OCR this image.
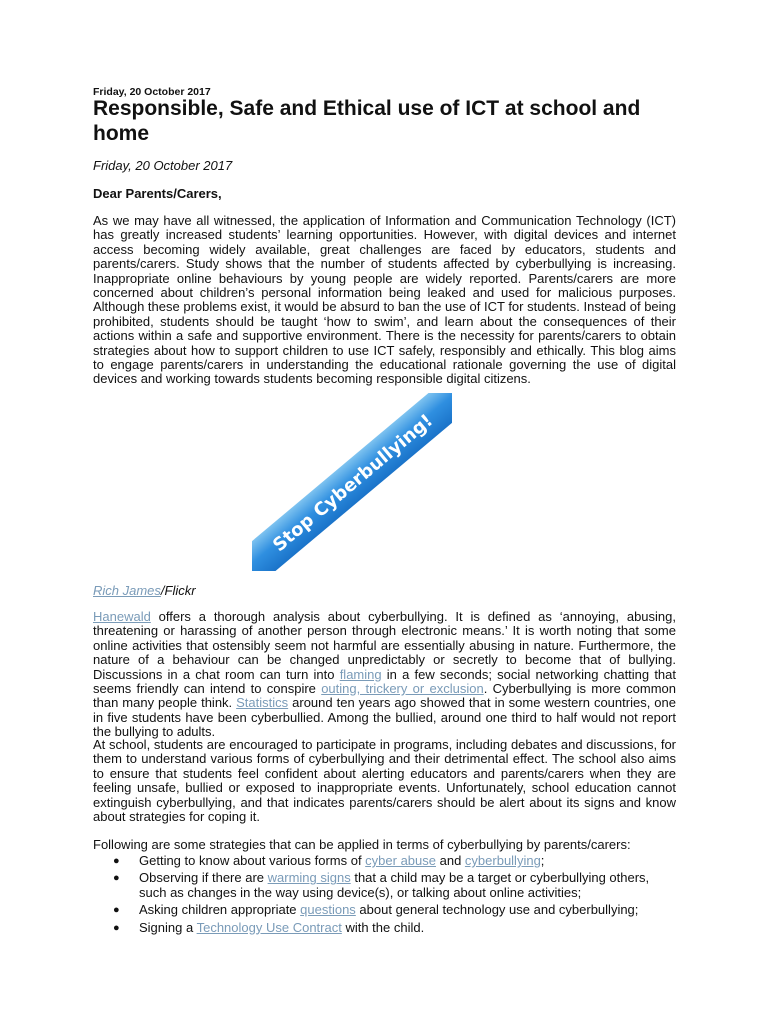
Friday, 20 October 2017

Responsible, Safe and Ethical use of ICT at school and home

Friday, 20 October 2017

Dear Parents/Carers,

As we may have all witnessed, the application of Information and Communication Technology (ICT) has greatly increased students’ learning opportunities. However, with digital devices and internet access becoming widely available, great challenges are faced by educators, students and parents/carers. Study shows that the number of students affected by cyberbullying is increasing. Inappropriate online behaviours by young people are widely reported. Parents/carers are more concerned about children’s personal information being leaked and used for malicious purposes. Although these problems exist, it would be absurd to ban the use of ICT for students. Instead of being prohibited, students should be taught ‘how to swim’, and learn about the consequences of their actions within a safe and supportive environment. There is the necessity for parents/carers to obtain strategies about how to support children to use ICT safely, responsibly and ethically. This blog aims to engage parents/carers in understanding the educational rationale governing the use of digital devices and working towards students becoming responsible digital citizens.

Stop Cyberbullying!

Rich James/Flickr

Hanewald offers a thorough analysis about cyberbullying. It is defined as ‘annoying, abusing, threatening or harassing of another person through electronic means.’ It is worth noting that some online activities that ostensibly seem not harmful are essentially abusing in nature. Furthermore, the nature of a behaviour can be changed unpredictably or secretly to become that of bullying. Discussions in a chat room can turn into flaming in a few seconds; social networking chatting that seems friendly can intend to conspire outing, trickery or exclusion. Cyberbullying is more common than many people think. Statistics around ten years ago showed that in some western countries, one in five students have been cyberbullied. Among the bullied, around one third to half would not report the bullying to adults.

At school, students are encouraged to participate in programs, including debates and discussions, for them to understand various forms of cyberbullying and their detrimental effect. The school also aims to ensure that students feel confident about alerting educators and parents/carers when they are feeling unsafe, bullied or exposed to inappropriate events. Unfortunately, school education cannot extinguish cyberbullying, and that indicates parents/carers should be alert about its signs and know about strategies for coping it.

Following are some strategies that can be applied in terms of cyberbullying by parents/carers:

● Getting to know about various forms of cyber abuse and cyberbullying;
● Observing if there are warming signs that a child may be a target or cyberbullying others, such as changes in the way using device(s), or talking about online activities;
● Asking children appropriate questions about general technology use and cyberbullying;
● Signing a Technology Use Contract with the child.
